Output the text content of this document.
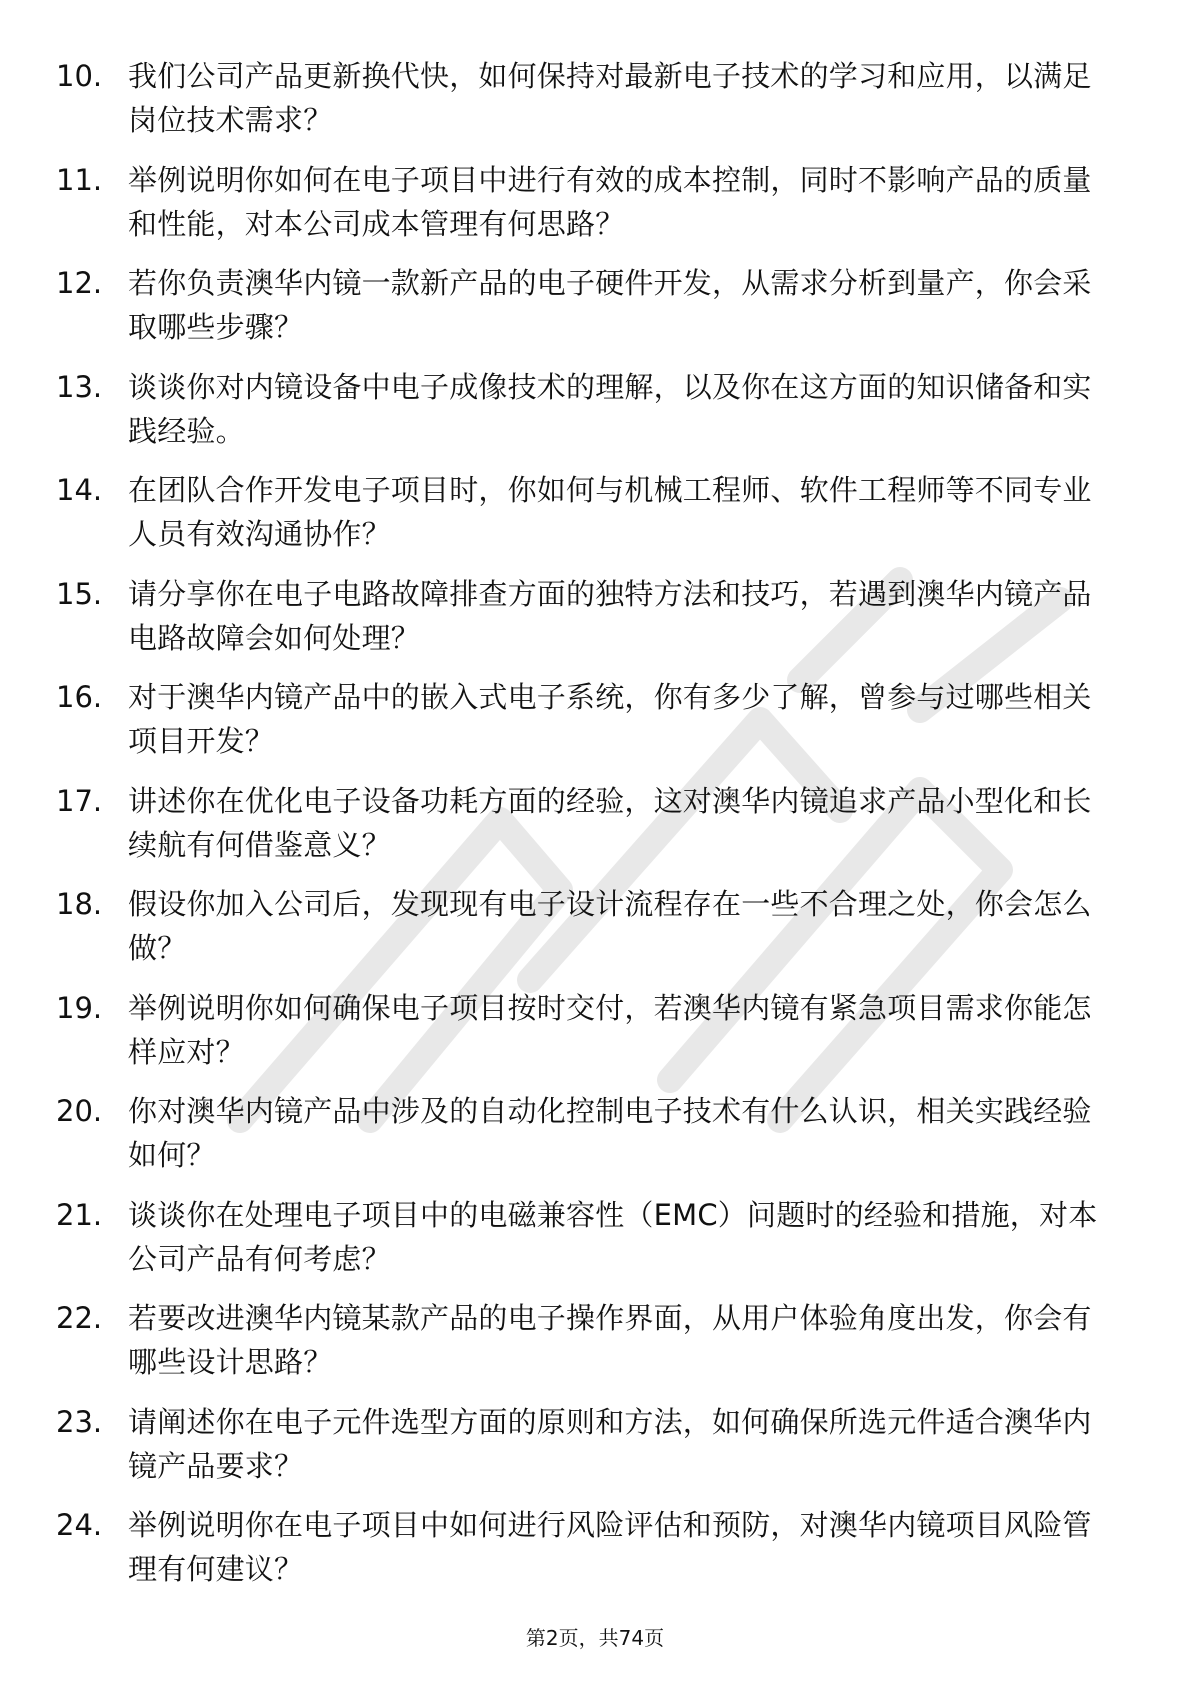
10. 我们公司产品更新换代快，如何保持对最新电子技术的学习和应用，以满足岗位技术需求？
11. 举例说明你如何在电子项目中进行有效的成本控制，同时不影响产品的质量和性能，对本公司成本管理有何思路？
12. 若你负责澳华内镜一款新产品的电子硬件开发，从需求分析到量产，你会采取哪些步骤？
13. 谈谈你对内镜设备中电子成像技术的理解，以及你在这方面的知识储备和实践经验。
14. 在团队合作开发电子项目时，你如何与机械工程师、软件工程师等不同专业人员有效沟通协作？
15. 请分享你在电子电路故障排查方面的独特方法和技巧，若遇到澳华内镜产品电路故障会如何处理？
16. 对于澳华内镜产品中的嵌入式电子系统，你有多少了解，曾参与过哪些相关项目开发？
17. 讲述你在优化电子设备功耗方面的经验，这对澳华内镜追求产品小型化和长续航有何借鉴意义？
18. 假设你加入公司后，发现现有电子设计流程存在一些不合理之处，你会怎么做？
19. 举例说明你如何确保电子项目按时交付，若澳华内镜有紧急项目需求你能怎样应对？
20. 你对澳华内镜产品中涉及的自动化控制电子技术有什么认识，相关实践经验如何？
21. 谈谈你在处理电子项目中的电磁兼容性（EMC）问题时的经验和措施，对本公司产品有何考虑？
22. 若要改进澳华内镜某款产品的电子操作界面，从用户体验角度出发，你会有哪些设计思路？
23. 请阐述你在电子元件选型方面的原则和方法，如何确保所选元件适合澳华内镜产品要求？
24. 举例说明你在电子项目中如何进行风险评估和预防，对澳华内镜项目风险管理有何建议？
第2页，共74页
